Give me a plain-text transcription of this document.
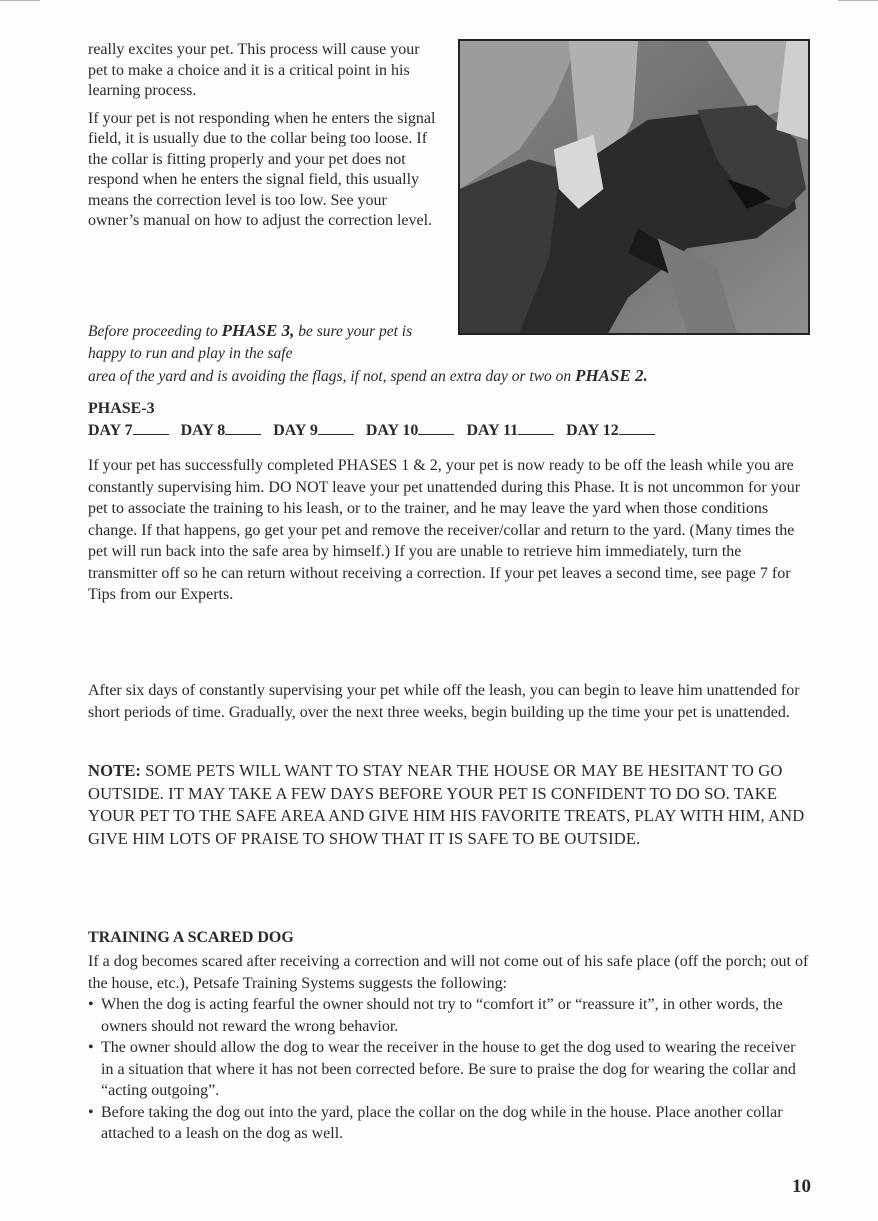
really excites your pet. This process will cause your pet to make a choice and it is a critical point in his learning process.

If your pet is not responding when he enters the signal field, it is usually due to the collar being too loose. If the collar is fitting properly and your pet does not respond when he enters the signal field, this usually means the correction level is too low. See your owner’s manual on how to adjust the correction level.

Before proceeding to PHASE 3, be sure your pet is happy to run and play in the safe
area of the yard and is avoiding the flags, if not, spend an extra day or two on PHASE 2.
PHASE-3
DAY 7	DAY 8	DAY 9	DAY 10	DAY 11	DAY 12

If your pet has successfully completed PHASES 1 & 2, your pet is now ready to be off the leash while you are constantly supervising him. DO NOT leave your pet unattended during this Phase. It is not uncommon for your pet to associate the training to his leash, or to the trainer, and he may leave the yard when those conditions change. If that happens, go get your pet and remove the receiver/collar and return to the yard. (Many times the pet will run back into the safe area by himself.) If you are unable to retrieve him immediately, turn the transmitter off so he can return without receiving a correction. If your pet leaves a second time, see page 7 for Tips from our Experts.

After six days of constantly supervising your pet while off the leash, you can begin to leave him unattended for short periods of time. Gradually, over the next three weeks, begin building up the time your pet is unattended.

NOTE: SOME PETS WILL WANT TO STAY NEAR THE HOUSE OR MAY BE HESITANT TO GO OUTSIDE. IT MAY TAKE A FEW DAYS BEFORE YOUR PET IS CONFIDENT TO DO SO. TAKE YOUR PET TO THE SAFE AREA AND GIVE HIM HIS FAVORITE TREATS, PLAY WITH HIM, AND GIVE HIM LOTS OF PRAISE TO SHOW THAT IT IS SAFE TO BE OUTSIDE.
TRAINING A SCARED DOG

If a dog becomes scared after receiving a correction and will not come out of his safe place (off the porch; out of the house, etc.), Petsafe Training Systems suggests the following:

• When the dog is acting fearful the owner should not try to “comfort it” or “reassure it”, in other words, the owners should not reward the wrong behavior.
• The owner should allow the dog to wear the receiver in the house to get the dog used to wearing the receiver in a situation that where it has not been corrected before. Be sure to praise the dog for wearing the collar and “acting outgoing”.
• Before taking the dog out into the yard, place the collar on the dog while in the house. Place another collar attached to a leash on the dog as well.
10
